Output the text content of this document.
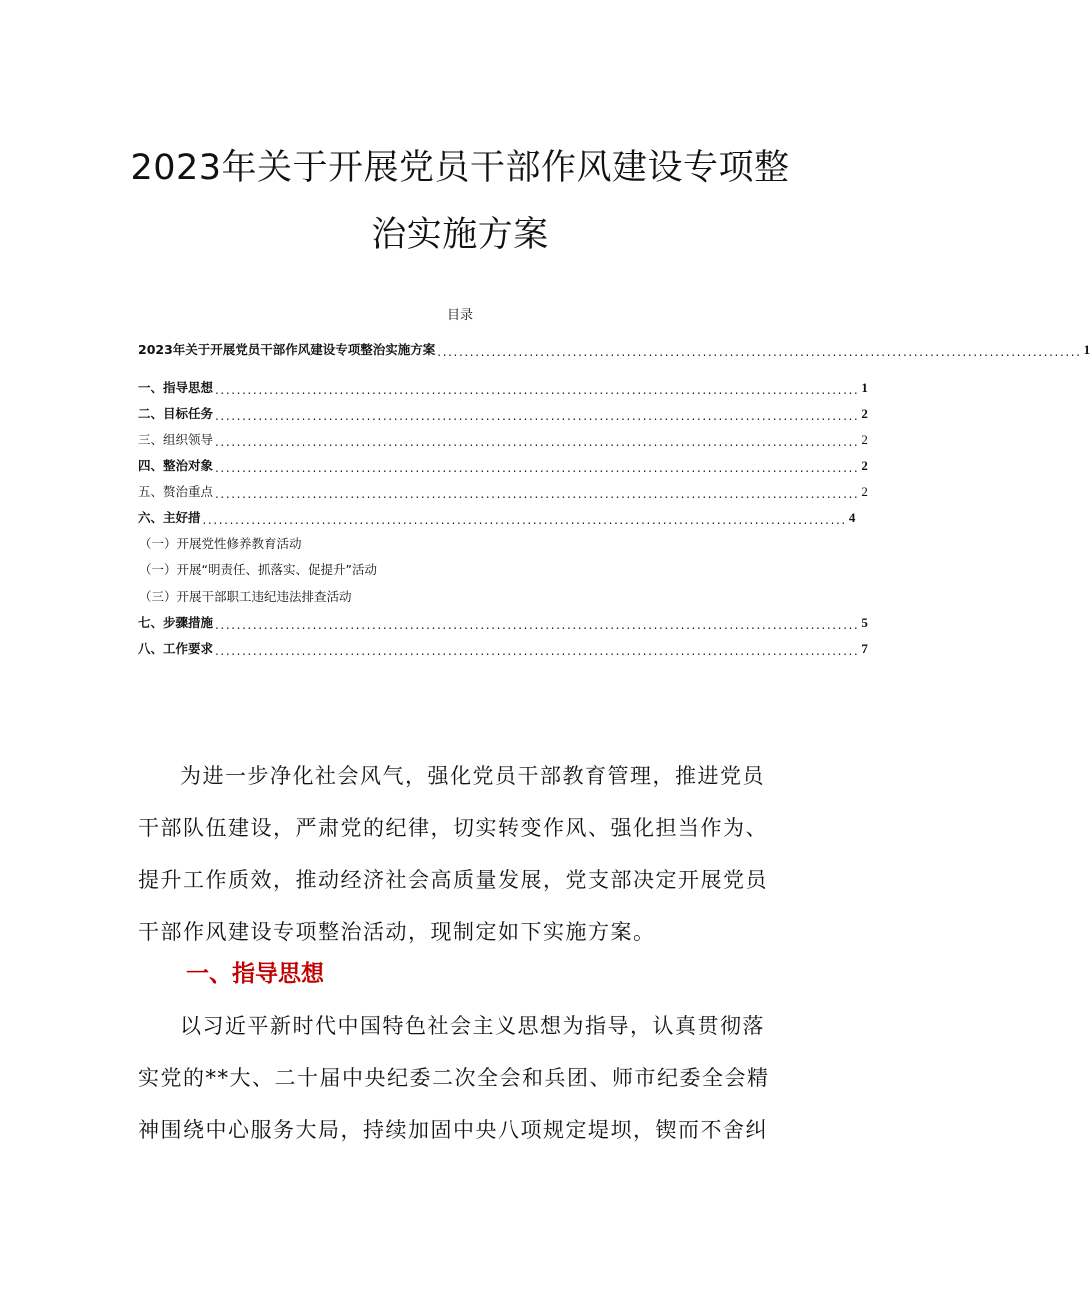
2023年关于开展党员干部作风建设专项整
治实施方案
目录
2023年关于开展党员干部作风建设专项整治实施方案 ....................................................................................................................... 1
一、指导思想 ....................................................................................................................... 1
二、目标任务 ....................................................................................................................... 2
三、组织领导 ....................................................................................................................... 2
四、整治对象 ....................................................................................................................... 2
五、赘治重点 ....................................................................................................................... 2
六、主好措 ....................................................................................................................... 4
（一）开展党性修养教育活动
（一）开展“明责任、抓落实、促提升”活动
（三）开展干部职工违纪违法排查活动
七、步骤措施 ....................................................................................................................... 5
八、工作要求 ....................................................................................................................... 7
为进一步净化社会风气，强化党员干部教育管理，推进党员
干部队伍建设，严肃党的纪律，切实转变作风、强化担当作为、
提升工作质效，推动经济社会高质量发展，党支部决定开展党员
干部作风建设专项整治活动，现制定如下实施方案。
一、指导思想
以习近平新时代中国特色社会主义思想为指导，认真贯彻落
实党的**大、二十届中央纪委二次全会和兵团、师市纪委全会精
神围绕中心服务大局，持续加固中央八项规定堤坝，锲而不舍纠
